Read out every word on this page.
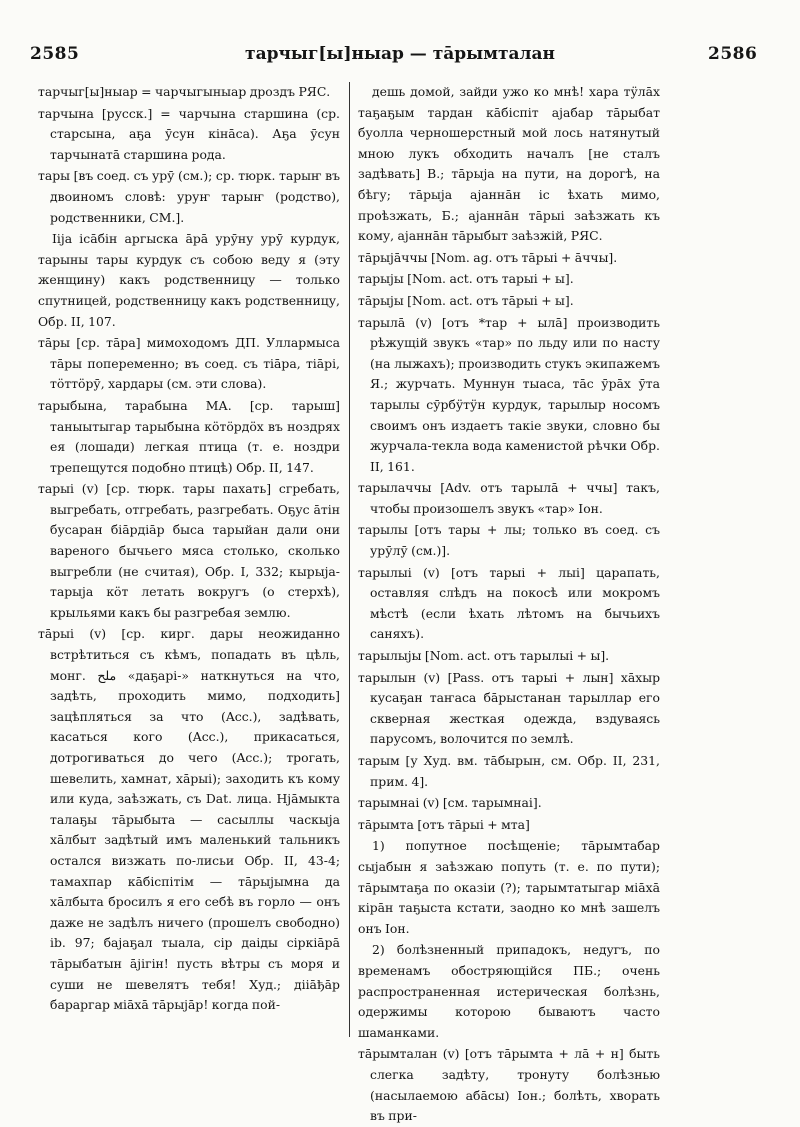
2585	тарчыг[ы]ныар — тāрымталан	2586

тарчыг[ы]ныар = чарчыгыныар дроздъ РЯС.

тарчына [русск.] = чарчына старшина (ср. старсына, аҕа ӯсун кiнāса). Аҕа ӯсун тарчынатā старшина рода.

тары [въ соед. съ урӯ (см.); ср. тюрк. тарыҥ въ двоиномъ словѣ: уруҥ тарыҥ (родство), родственники, СМ.].

Iiја iсāбiн аргыска āрā урӯну урӯ курдук, тарыны тары курдук съ собою веду я (эту женщину) какъ родственницу — только спутницей, родственницу какъ родственницу, Обр. II, 107.

тāры [ср. тāра] мимоходомъ ДП. Уллармыса тāры попеременно; въ соед. съ тiāра, тiāрi, тӧттӧрӯ, хардары (см. эти слова).

тарыбына, тарабына МА. [ср. тарыш] таныытыгар тарыбына кӧтӧрдӧх въ ноздрях ея (лошади) легкая птица (т. е. ноздри трепещутся подобно птицѣ) Обр. II, 147.

тарыi (v) [ср. тюрк. тары пахать] сгребать, выгребать, отгребать, разгребать. Оҕус āтiн бусаран бiāрдiāр быса тарыйан дали они вареного бычьего мяса столько, сколько выгребли (не считая), Обр. I, 332; кырыја-тарыја кӧт летать вокругъ (о стерхѣ), крыльями какъ бы разгребая землю.

тāрыi (v) [ср. кирг. дары неожиданно встрѣтиться съ кѣмъ, попадать въ цѣль, монг. ملح «даҕарi-» наткнуться на что, задѣть, проходить мимо, подходить] зацѣпляться за что (Acc.), задѣвать, касаться кого (Acc.), прикасаться, дотрогиваться до чего (Acc.); трогать, шевелить, хамнат, хāрыi); заходить къ кому или куда, заѣзжать, съ Dat. лица. Нjāмыкта талаҕы тāрыбыта — сасыллы часкыја хāлбыт задѣтый имъ маленький тальникъ остался визжать по-лисьи Обр. II, 43-4; тамахпар кāбiспiтiм — тāрыјымна да хāлбыта бросилъ я его себѣ въ горло — онъ даже не задѣлъ ничего (прошелъ свободно) ib. 97; бајаҕал тыала, сiр даiды сiркiāрā тāрыбатын āјiгiн! пусть вѣтры съ моря и суши не шевелятъ тебя! Худ.; дiiāђāр бараргар мiāхā тāрыјāр! когда пой-

дешь домой, зайди ужо ко мнѣ! хара тӱлāх таҕаҕым тардан кāбiспiт ајабар тāрыбат буолла черношерстный мой лось натянутый мною лукъ обходить началъ [не сталъ задѣвать] В.; тāрыја на пути, на дорогѣ, на бѣгу; тāрыја ајаннāн iс ѣхать мимо, проѣзжать, Б.; ајаннāн тāрыi заѣзжать къ кому, ајаннāн тāрыбыт заѣзжiй, РЯС.

тāрыјāччы [Nom. ag. отъ тāрыi + āччы].

тарыјы [Nom. act. отъ тарыi + ы].

тāрыјы [Nom. act. отъ тāрыi + ы].

тарылā (v) [отъ *тар + ылā] производить рѣжущiй звукъ «тар» по льду или по насту (на лыжахъ); производить стукъ экипажемъ Я.; журчать. Муннун тыаса, тāс ӯрāх ӯта тарылы сӯрбӱтӱн курдук, тарылыр носомъ своимъ онъ издаетъ такiе звуки, словно бы журчала-текла вода каменистой рѣчки Обр. II, 161.

тарылаччы [Adv. отъ тарылā + ччы] такъ, чтобы произошелъ звукъ «тар» Iон.

тарылы [отъ тары + лы; только въ соед. съ урӯлӯ (см.)].

тарылыi (v) [отъ тарыi + лыi] царапать, оставляя слѣдъ на покосѣ или мокромъ мѣстѣ (если ѣхать лѣтомъ на бычьихъ саняхъ).

тарылыјы [Nom. act. отъ тарылыi + ы].

тарылын (v) [Pass. отъ тарыi + лын] хāхыр кусаҕан таҥаса бāрыстанан тарыллар его скверная жесткая одежда, вздуваясь парусомъ, волочится по землѣ.

тарым [у Худ. вм. тāбырын, см. Обр. II, 231, прим. 4].

тарымнаi (v) [см. тарымнаi].

тāрымта [отъ тāрыi + мта]

1) попутное посѣщенiе; тāрымтабар сыјабын я заѣзжаю попуть (т. е. по пути); тāрымтаҕа по оказiи (?); тарымтатыгар мiāхā кiрāн таҕыста кстати, заодно ко мнѣ зашелъ онъ Iон.

2) болѣзненный припадокъ, недугъ, по временамъ обостряющiйся ПБ.; очень распространенная истерическая болѣзнь, одержимы которою бываютъ часто шаманками.

тāрымталан (v) [отъ тāрымта + лā + н] быть слегка задѣту, тронуту болѣзнью (насылаемою абāсы) Iон.; болѣть, хворать въ при-
